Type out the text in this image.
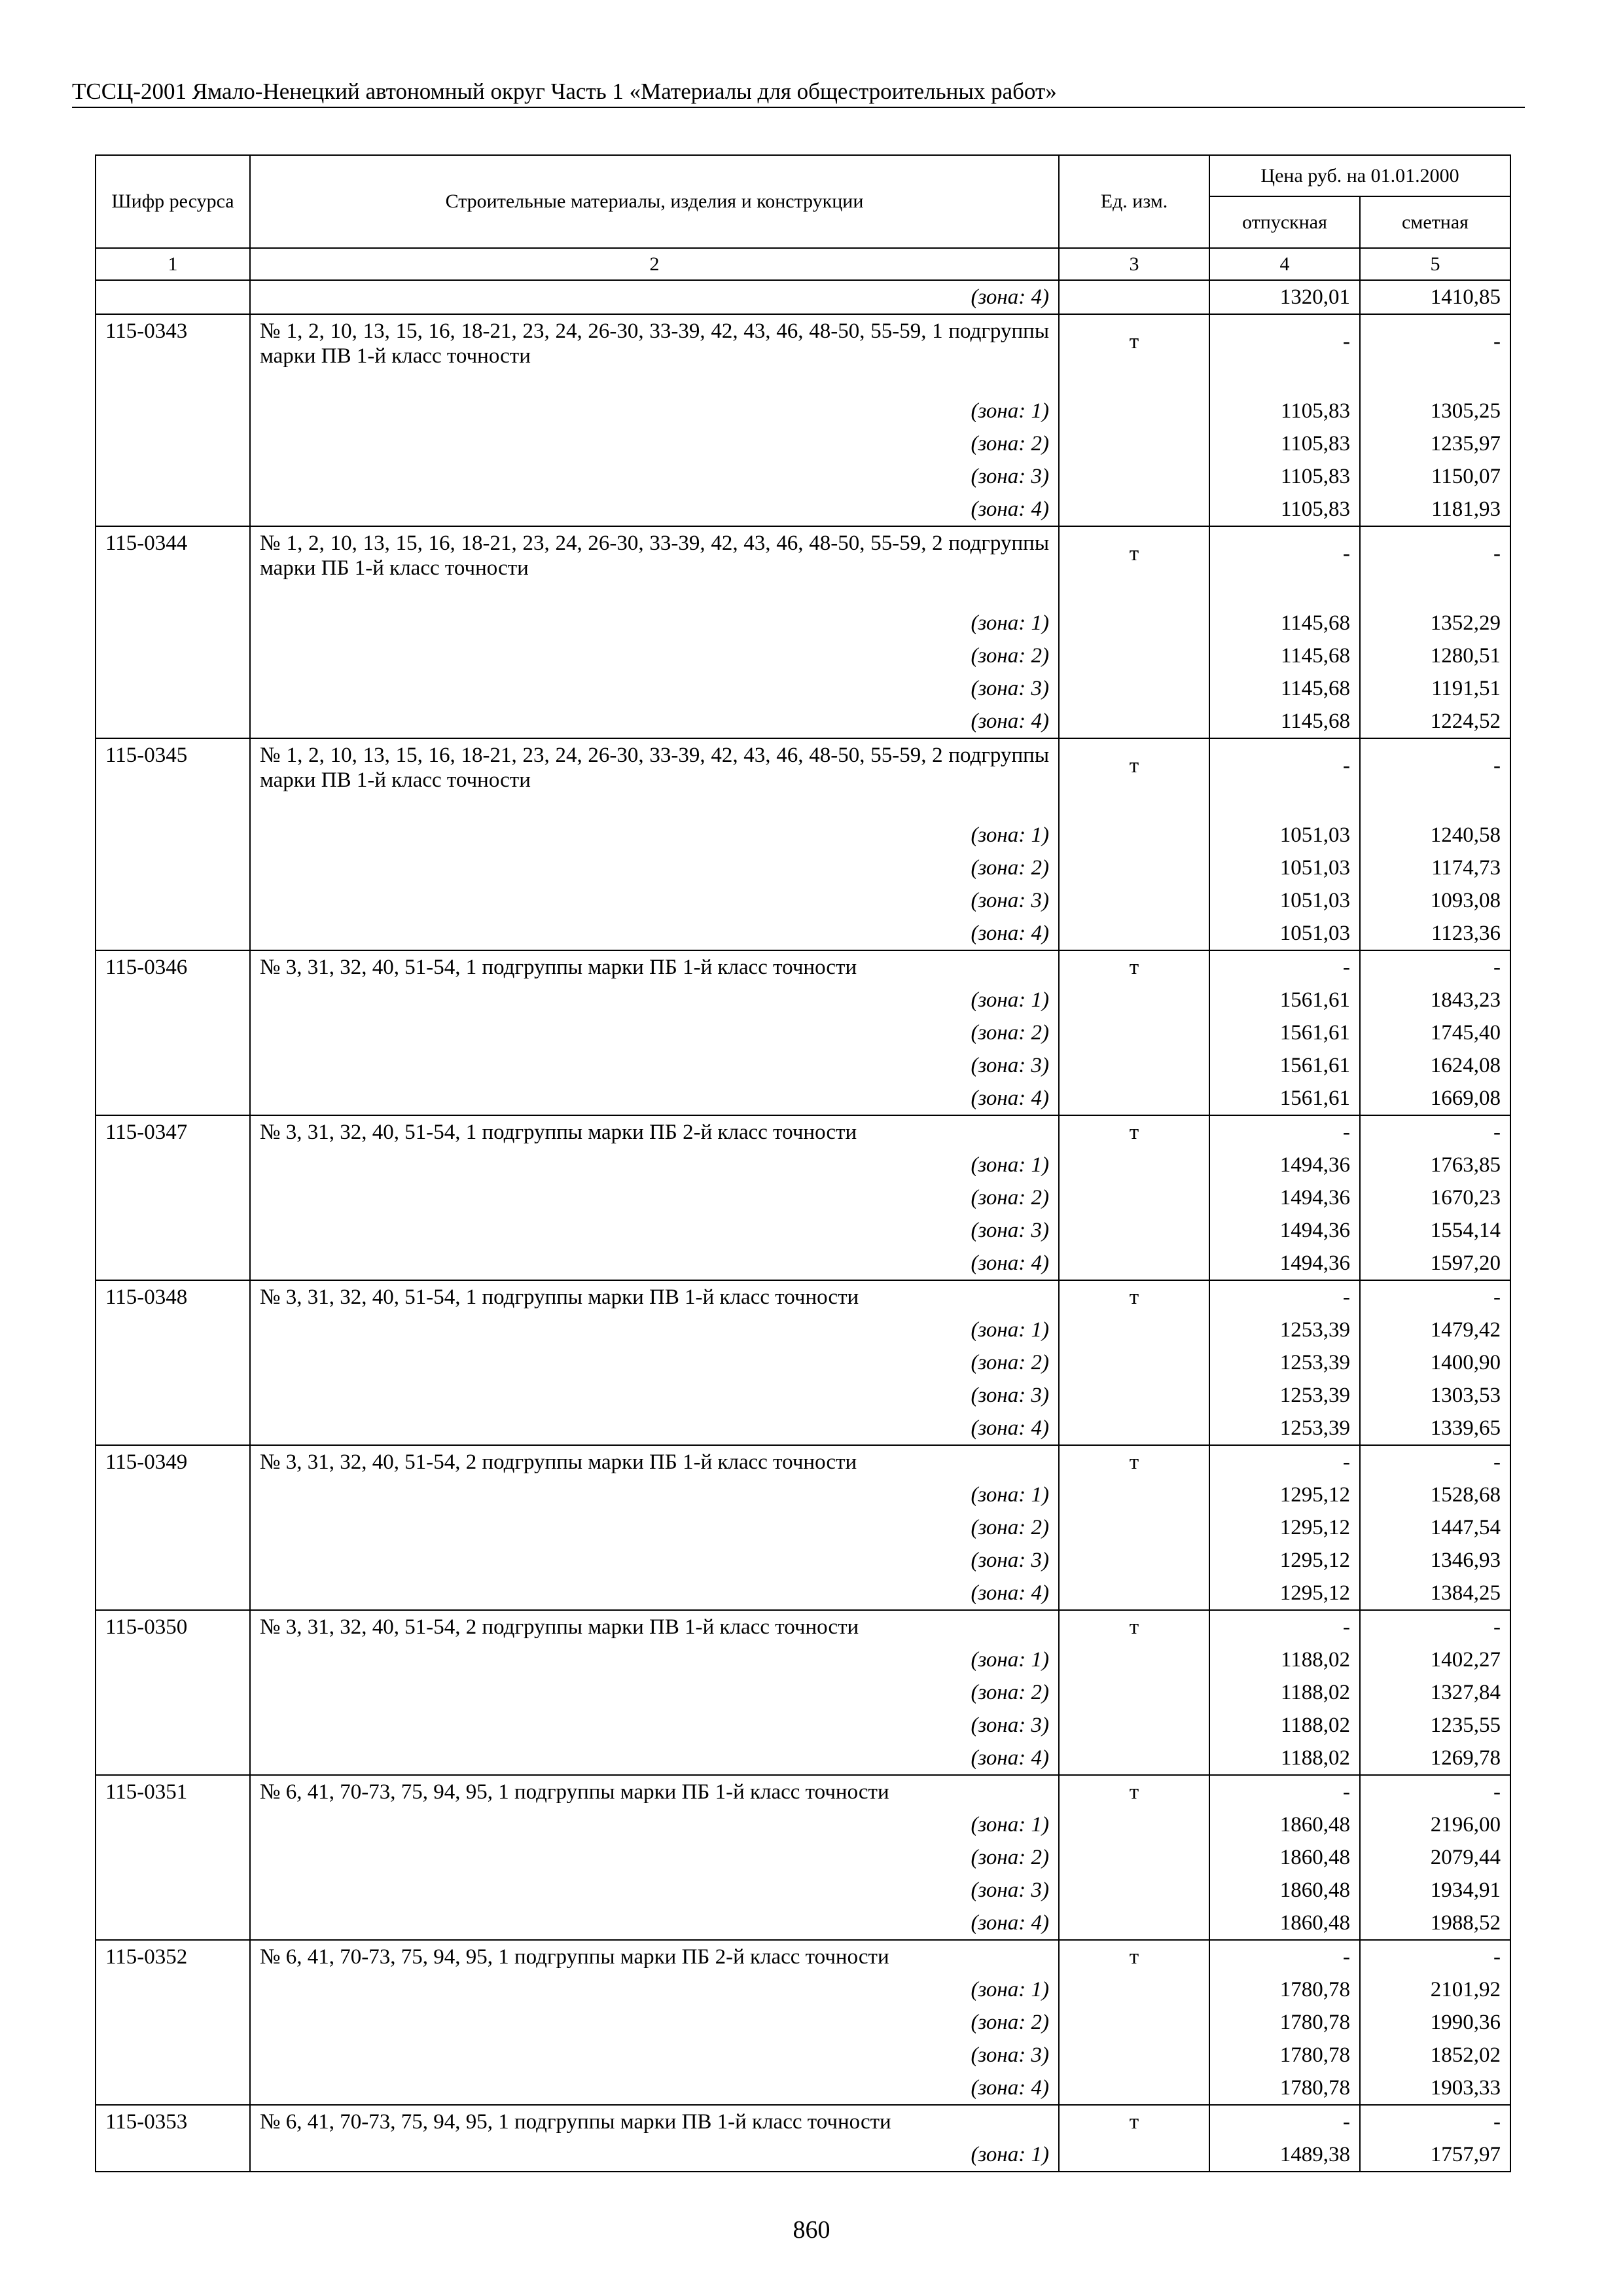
ТССЦ-2001 Ямало-Ненецкий автономный округ Часть 1 «Материалы для общестроительных работ»
Шифр ресурса	Строительные материалы, изделия и конструкции	Ед. изм.	Цена руб. на 01.01.2000	
			отпускная	сметная
1	2	3	4	5
	(зона: 4)		1320,01	1410,85
115-0343	№ 1, 2, 10, 13, 15, 16, 18-21, 23, 24, 26-30, 33-39, 42, 43, 46, 48-50, 55-59, 1 подгруппы марки ПВ 1-й класс точности	т	-	-
	(зона: 1)		1105,83	1305,25
	(зона: 2)		1105,83	1235,97
	(зона: 3)		1105,83	1150,07
	(зона: 4)		1105,83	1181,93
115-0344	№ 1, 2, 10, 13, 15, 16, 18-21, 23, 24, 26-30, 33-39, 42, 43, 46, 48-50, 55-59, 2 подгруппы марки ПБ 1-й класс точности	т	-	-
	(зона: 1)		1145,68	1352,29
	(зона: 2)		1145,68	1280,51
	(зона: 3)		1145,68	1191,51
	(зона: 4)		1145,68	1224,52
115-0345	№ 1, 2, 10, 13, 15, 16, 18-21, 23, 24, 26-30, 33-39, 42, 43, 46, 48-50, 55-59, 2 подгруппы марки ПВ 1-й класс точности	т	-	-
	(зона: 1)		1051,03	1240,58
	(зона: 2)		1051,03	1174,73
	(зона: 3)		1051,03	1093,08
	(зона: 4)		1051,03	1123,36
115-0346	№ 3, 31, 32, 40, 51-54, 1 подгруппы марки ПБ 1-й класс точности	т	-	-
	(зона: 1)		1561,61	1843,23
	(зона: 2)		1561,61	1745,40
	(зона: 3)		1561,61	1624,08
	(зона: 4)		1561,61	1669,08
115-0347	№ 3, 31, 32, 40, 51-54, 1 подгруппы марки ПБ 2-й класс точности	т	-	-
	(зона: 1)		1494,36	1763,85
	(зона: 2)		1494,36	1670,23
	(зона: 3)		1494,36	1554,14
	(зона: 4)		1494,36	1597,20
115-0348	№ 3, 31, 32, 40, 51-54, 1 подгруппы марки ПВ 1-й класс точности	т	-	-
	(зона: 1)		1253,39	1479,42
	(зона: 2)		1253,39	1400,90
	(зона: 3)		1253,39	1303,53
	(зона: 4)		1253,39	1339,65
115-0349	№ 3, 31, 32, 40, 51-54, 2 подгруппы марки ПБ 1-й класс точности	т	-	-
	(зона: 1)		1295,12	1528,68
	(зона: 2)		1295,12	1447,54
	(зона: 3)		1295,12	1346,93
	(зона: 4)		1295,12	1384,25
115-0350	№ 3, 31, 32, 40, 51-54, 2 подгруппы марки ПВ 1-й класс точности	т	-	-
	(зона: 1)		1188,02	1402,27
	(зона: 2)		1188,02	1327,84
	(зона: 3)		1188,02	1235,55
	(зона: 4)		1188,02	1269,78
115-0351	№ 6, 41, 70-73, 75, 94, 95, 1 подгруппы марки ПБ 1-й класс точности	т	-	-
	(зона: 1)		1860,48	2196,00
	(зона: 2)		1860,48	2079,44
	(зона: 3)		1860,48	1934,91
	(зона: 4)		1860,48	1988,52
115-0352	№ 6, 41, 70-73, 75, 94, 95, 1 подгруппы марки ПБ 2-й класс точности	т	-	-
	(зона: 1)		1780,78	2101,92
	(зона: 2)		1780,78	1990,36
	(зона: 3)		1780,78	1852,02
	(зона: 4)		1780,78	1903,33
115-0353	№ 6, 41, 70-73, 75, 94, 95, 1 подгруппы марки ПВ 1-й класс точности	т	-	-
	(зона: 1)		1489,38	1757,97
860
